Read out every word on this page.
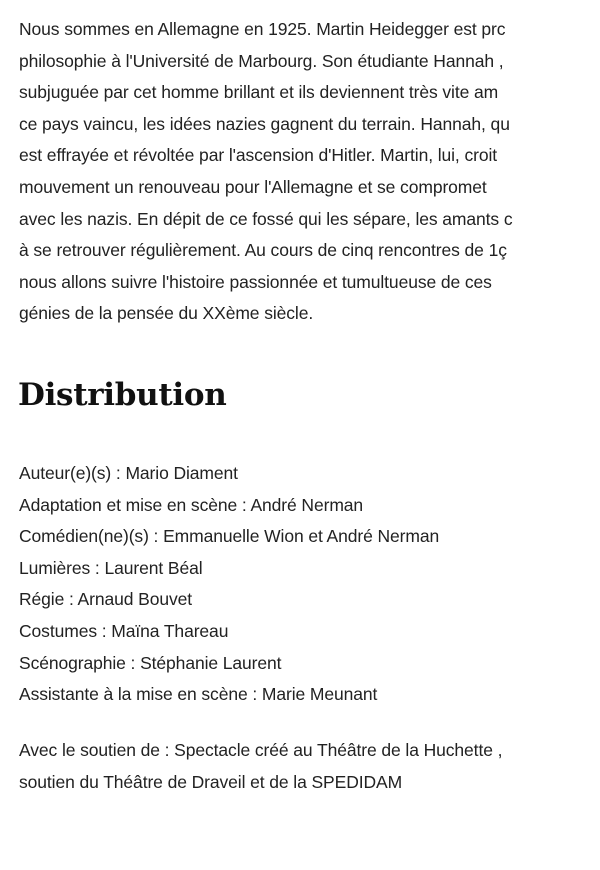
Nous sommes en Allemagne en 1925. Martin Heidegger est prc
philosophie à l'Université de Marbourg. Son étudiante Hannah ,
subjuguée par cet homme brillant et ils deviennent très vite am
ce pays vaincu, les idées nazies gagnent du terrain. Hannah, qu
est effrayée et révoltée par l'ascension d'Hitler. Martin, lui, croit
mouvement un renouveau pour l'Allemagne et se compromet
avec les nazis. En dépit de ce fossé qui les sépare, les amants c
à se retrouver régulièrement. Au cours de cinq rencontres de 1ç
nous allons suivre l'histoire passionnée et tumultueuse de ces
génies de la pensée du XXème siècle.

Distribution
Auteur(e)(s) : Mario Diament
Adaptation et mise en scène : André Nerman
Comédien(ne)(s) : Emmanuelle Wion et André Nerman
Lumières : Laurent Béal
Régie : Arnaud Bouvet
Costumes : Maïna Thareau
Scénographie : Stéphanie Laurent
Assistante à la mise en scène : Marie Meunant

Avec le soutien de : Spectacle créé au Théâtre de la Huchette ,
soutien du Théâtre de Draveil et de la SPEDIDAM
